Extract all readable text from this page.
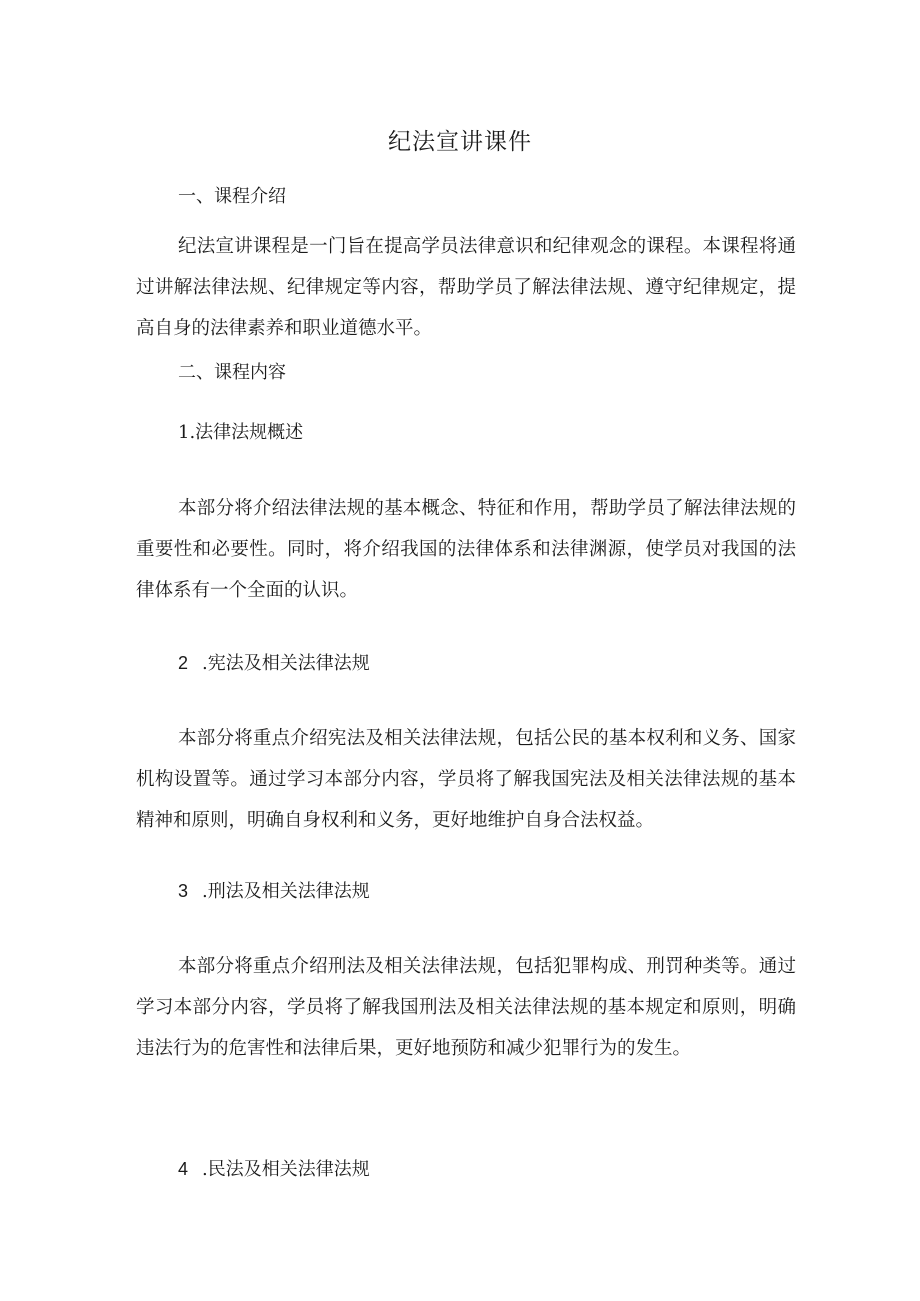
纪法宣讲课件
一、课程介绍
纪法宣讲课程是一门旨在提高学员法律意识和纪律观念的课程。本课程将通过讲解法律法规、纪律规定等内容，帮助学员了解法律法规、遵守纪律规定，提高自身的法律素养和职业道德水平。
二、课程内容
1.法律法规概述
本部分将介绍法律法规的基本概念、特征和作用，帮助学员了解法律法规的重要性和必要性。同时，将介绍我国的法律体系和法律渊源，使学员对我国的法律体系有一个全面的认识。
2 .宪法及相关法律法规
本部分将重点介绍宪法及相关法律法规，包括公民的基本权利和义务、国家机构设置等。通过学习本部分内容，学员将了解我国宪法及相关法律法规的基本精神和原则，明确自身权利和义务，更好地维护自身合法权益。
3 .刑法及相关法律法规
本部分将重点介绍刑法及相关法律法规，包括犯罪构成、刑罚种类等。通过学习本部分内容，学员将了解我国刑法及相关法律法规的基本规定和原则，明确违法行为的危害性和法律后果，更好地预防和减少犯罪行为的发生。
4 .民法及相关法律法规
